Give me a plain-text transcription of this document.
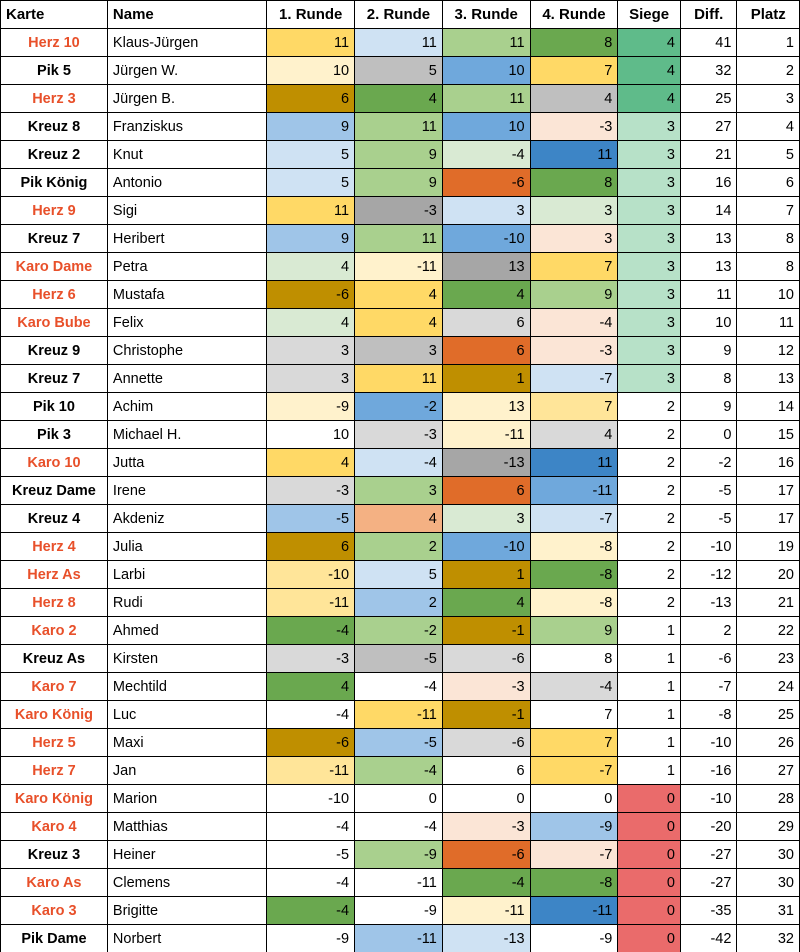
Karte	Name	1. Runde	2. Runde	3. Runde	4. Runde	Siege	Diff.	Platz
Herz 10	Klaus-Jürgen	11	11	11	8	4	41	1
Pik 5	Jürgen W.	10	5	10	7	4	32	2
Herz 3	Jürgen B.	6	4	11	4	4	25	3
Kreuz 8	Franziskus	9	11	10	-3	3	27	4
Kreuz 2	Knut	5	9	-4	11	3	21	5
Pik König	Antonio	5	9	-6	8	3	16	6
Herz 9	Sigi	11	-3	3	3	3	14	7
Kreuz 7	Heribert	9	11	-10	3	3	13	8
Karo Dame	Petra	4	-11	13	7	3	13	8
Herz 6	Mustafa	-6	4	4	9	3	11	10
Karo Bube	Felix	4	4	6	-4	3	10	11
Kreuz 9	Christophe	3	3	6	-3	3	9	12
Kreuz 7	Annette	3	11	1	-7	3	8	13
Pik 10	Achim	-9	-2	13	7	2	9	14
Pik 3	Michael H.	10	-3	-11	4	2	0	15
Karo 10	Jutta	4	-4	-13	11	2	-2	16
Kreuz Dame	Irene	-3	3	6	-11	2	-5	17
Kreuz 4	Akdeniz	-5	4	3	-7	2	-5	17
Herz 4	Julia	6	2	-10	-8	2	-10	19
Herz As	Larbi	-10	5	1	-8	2	-12	20
Herz 8	Rudi	-11	2	4	-8	2	-13	21
Karo 2	Ahmed	-4	-2	-1	9	1	2	22
Kreuz As	Kirsten	-3	-5	-6	8	1	-6	23
Karo 7	Mechtild	4	-4	-3	-4	1	-7	24
Karo König	Luc	-4	-11	-1	7	1	-8	25
Herz 5	Maxi	-6	-5	-6	7	1	-10	26
Herz 7	Jan	-11	-4	6	-7	1	-16	27
Karo König	Marion	-10	0	0	0	0	-10	28
Karo 4	Matthias	-4	-4	-3	-9	0	-20	29
Kreuz 3	Heiner	-5	-9	-6	-7	0	-27	30
Karo As	Clemens	-4	-11	-4	-8	0	-27	30
Karo 3	Brigitte	-4	-9	-11	-11	0	-35	31
Pik Dame	Norbert	-9	-11	-13	-9	0	-42	32
